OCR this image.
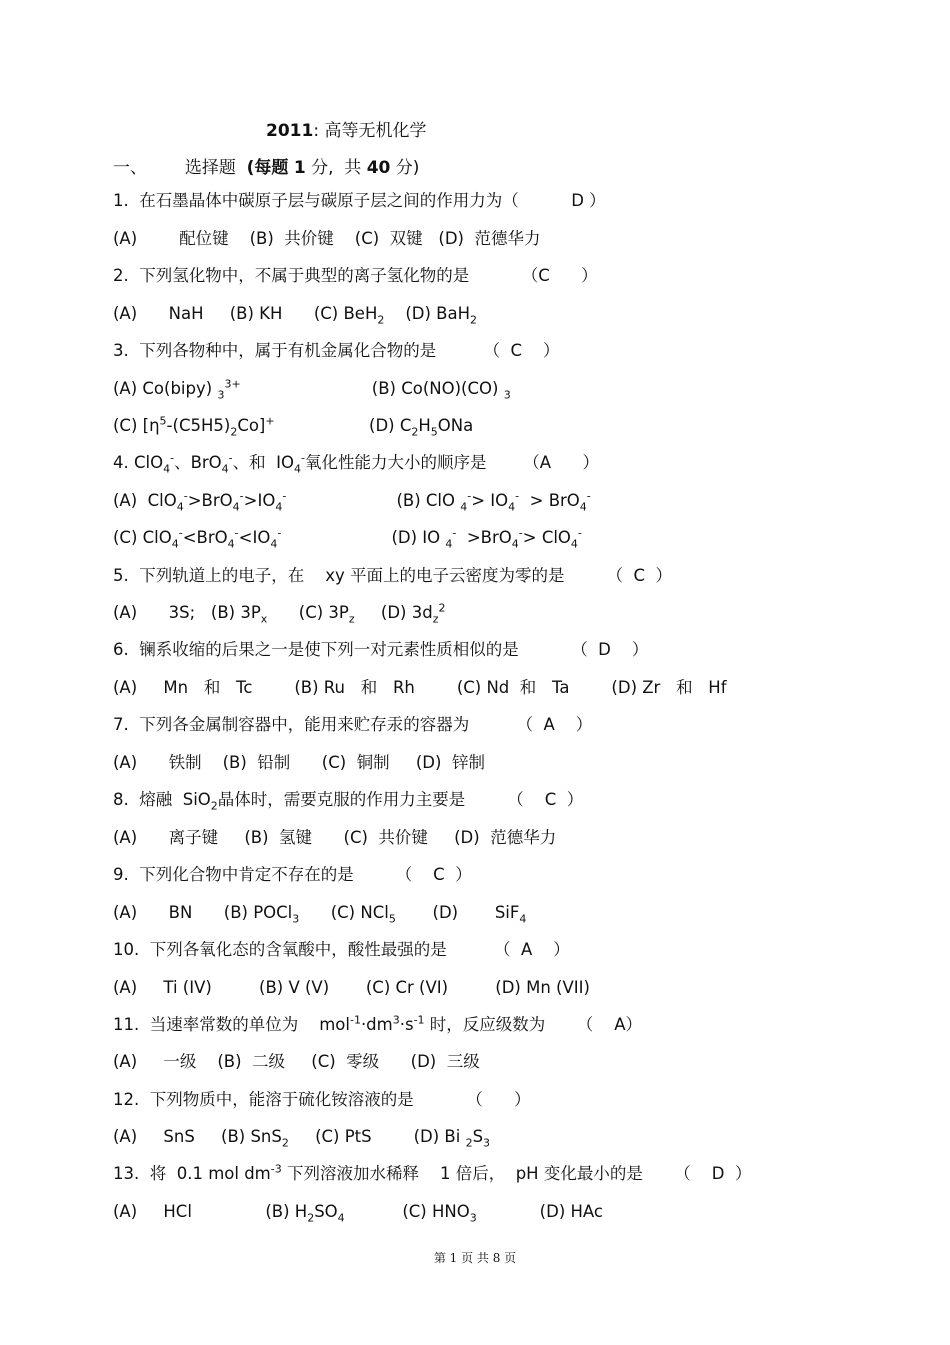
2011: 高等无机化学
一、 选择题 (每题 1 分,  共 40 分)
1.  在石墨晶体中碳原子层与碳原子层之间的作用力为（	D ）
(A)        配位键    (B)  共价键    (C)  双键   (D)  范德华力
2.  下列氢化物中，不属于典型的离子氢化物的是	（C      ）
(A)      NaH     (B) KH      (C) BeH$_2$    (D) BaH$_2$
3.  下列各物种中，属于有机金属化合物的是	（  C    ）
(A) Co(bipy) $_3^{3+}$                         (B) Co(NO)(CO) $_3$
(C) $[\eta^5-(C5H5)_2Co]^+$                  (D) $C_2H_5ONa$
4. ClO$_4$-、BrO$_4$-、和  $IO_4^-$氧化性能力大小的顺序是       （A      ）
(A)  $ClO_4^->BrO_4^->IO_4^-$                     (B) ClO $_4^-> IO_4^- > BrO_4^-$
(C) $ClO_4^-<BrO_4^-<IO_4^-$                     (D) IO $_4$-  >BrO$_4$-> ClO$_4$-
5.  下列轨道上的电子，在    xy 平面上的电子云密度为零的是	（  C  ）
(A)      3S;   (B) $3P_x$      (C) $3P_z$     (D) $3d_z^2$
6.  镧系收缩的后果之一是使下列一对元素性质相似的是	（  D    ）
(A)     Mn   和   Tc        (B) Ru   和   Rh        (C) Nd  和   Ta        (D) Zr   和   Hf
7.  下列各金属制容器中，能用来贮存汞的容器为	（  A    ）
(A)      铁制    (B)  铅制      (C)  铜制     (D)  锌制
8.  熔融  SiO$_2$晶体时，需要克服的作用力主要是        （    C  ）
(A)      离子键     (B)  氢键      (C)  共价键     (D)  范德华力
9.  下列化合物中肯定不存在的是	（    C  ）
(A)      BN      (B) POCl$_3$      (C) NCl$_5$       (D)       SiF$_4$
10.  下列各氧化态的含氧酸中，酸性最强的是	（  A    ）
(A)     Ti (IV)         (B) V (V)       (C) Cr (VI)         (D) Mn (VII)
11.  当速率常数的单位为    $mol^{-1}\cdot dm^3\cdot s^{-1}$ 时，反应级数为      （    A）
(A)     一级    (B)  二级     (C)  零级      (D)  三级
12.  下列物质中，能溶于硫化铵溶液的是	（      ）
(A)     SnS     (B) SnS$_2$     (C) PtS        (D) Bi $_2S_3$
13.  将  0.1 mol $dm^{-3}$ 下列溶液加水稀释    1 倍后，  pH 变化最小的是      （    D  ）
(A)     HCl              (B) $H_2SO_4$           (C) $HNO_3$            (D) HAc
第 1 页 共 8 页
